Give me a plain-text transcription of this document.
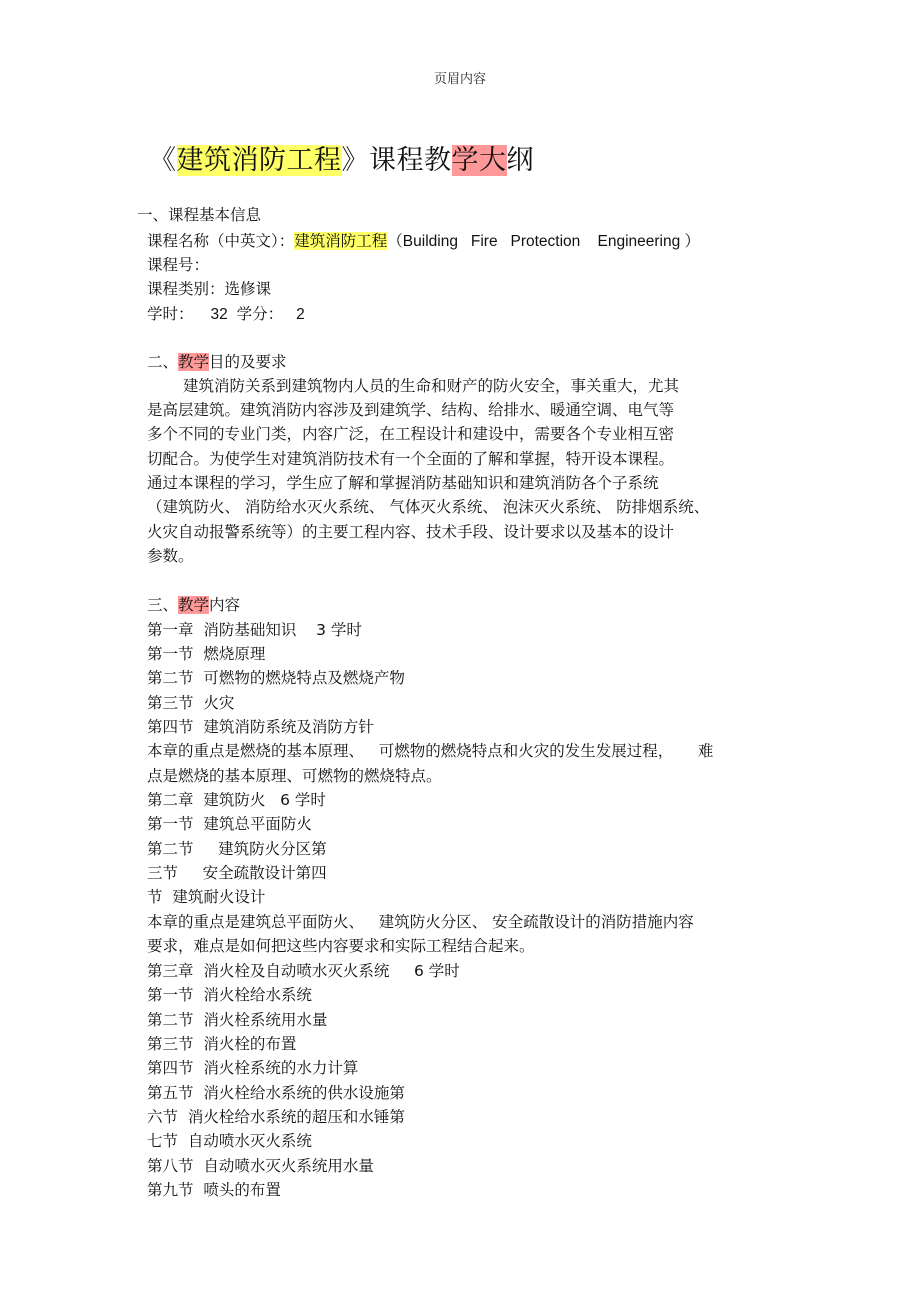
页眉内容
《建筑消防工程》课程教学大纲
一、课程基本信息
课程名称（中英文）：建筑消防工程（Building   Fire   Protection    Engineering ）
课程号：
课程类别：选修课
学时： 32 学分： 2
二、教学目的及要求
建筑消防关系到建筑物内人员的生命和财产的防火安全，事关重大，尤其
是高层建筑。建筑消防内容涉及到建筑学、结构、给排水、暖通空调、电气等
多个不同的专业门类，内容广泛，在工程设计和建设中，需要各个专业相互密
切配合。为使学生对建筑消防技术有一个全面的了解和掌握，特开设本课程。
通过本课程的学习，学生应了解和掌握消防基础知识和建筑消防各个子系统
（建筑防火、 消防给水灭火系统、 气体灭火系统、 泡沫灭火系统、 防排烟系统、
火灾自动报警系统等）的主要工程内容、技术手段、设计要求以及基本的设计
参数。
三、教学内容
第一章  消防基础知识    3 学时
第一节  燃烧原理
第二节  可燃物的燃烧特点及燃烧产物
第三节  火灾
第四节  建筑消防系统及消防方针
本章的重点是燃烧的基本原理、   可燃物的燃烧特点和火灾的发生发展过程，     难
点是燃烧的基本原理、可燃物的燃烧特点。
第二章  建筑防火   6 学时
第一节  建筑总平面防火
第二节     建筑防火分区第
三节     安全疏散设计第四
节  建筑耐火设计
本章的重点是建筑总平面防火、   建筑防火分区、 安全疏散设计的消防措施内容
要求，难点是如何把这些内容要求和实际工程结合起来。
第三章  消火栓及自动喷水灭火系统     6 学时
第一节  消火栓给水系统
第二节  消火栓系统用水量
第三节  消火栓的布置
第四节  消火栓系统的水力计算
第五节  消火栓给水系统的供水设施第
六节  消火栓给水系统的超压和水锤第
七节  自动喷水灭火系统
第八节  自动喷水灭火系统用水量
第九节  喷头的布置
